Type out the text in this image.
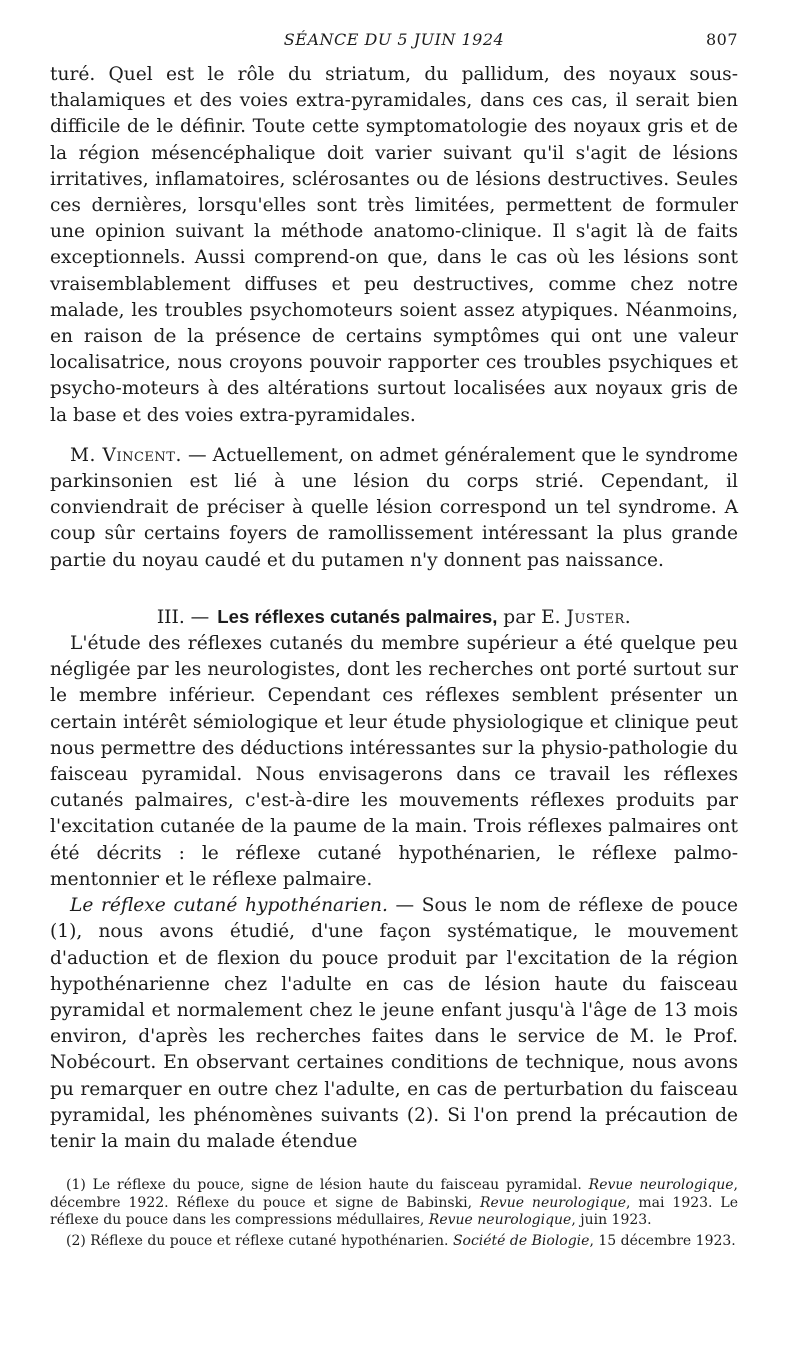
SÉANCE DU 5 JUIN 1924	807

turé. Quel est le rôle du striatum, du pallidum, des noyaux sous-thalamiques et des voies extra-pyramidales, dans ces cas, il serait bien difficile de le définir. Toute cette symptomatologie des noyaux gris et de la région mésencéphalique doit varier suivant qu'il s'agit de lésions irritatives, inflamatoires, sclérosantes ou de lésions destructives. Seules ces dernières, lorsqu'elles sont très limitées, permettent de formuler une opinion suivant la méthode anatomo-clinique. Il s'agit là de faits exceptionnels. Aussi comprend-on que, dans le cas où les lésions sont vraisemblablement diffuses et peu destructives, comme chez notre malade, les troubles psychomoteurs soient assez atypiques. Néanmoins, en raison de la présence de certains symptômes qui ont une valeur localisatrice, nous croyons pouvoir rapporter ces troubles psychiques et psycho-moteurs à des altérations surtout localisées aux noyaux gris de la base et des voies extra-pyramidales.

M. Vincent. — Actuellement, on admet généralement que le syndrome parkinsonien est lié à une lésion du corps strié. Cependant, il conviendrait de préciser à quelle lésion correspond un tel syndrome. A coup sûr certains foyers de ramollissement intéressant la plus grande partie du noyau caudé et du putamen n'y donnent pas naissance.

III. — Les réflexes cutanés palmaires, par E. Juster.

L'étude des réflexes cutanés du membre supérieur a été quelque peu négligée par les neurologistes, dont les recherches ont porté surtout sur le membre inférieur. Cependant ces réflexes semblent présenter un certain intérêt sémiologique et leur étude physiologique et clinique peut nous permettre des déductions intéressantes sur la physio-pathologie du faisceau pyramidal. Nous envisagerons dans ce travail les réflexes cutanés palmaires, c'est-à-dire les mouvements réflexes produits par l'excitation cutanée de la paume de la main. Trois réflexes palmaires ont été décrits : le réflexe cutané hypothénarien, le réflexe palmo-mentonnier et le réflexe palmaire.

Le réflexe cutané hypothénarien. — Sous le nom de réflexe de pouce (1), nous avons étudié, d'une façon systématique, le mouvement d'aduction et de flexion du pouce produit par l'excitation de la région hypothénarienne chez l'adulte en cas de lésion haute du faisceau pyramidal et normalement chez le jeune enfant jusqu'à l'âge de 13 mois environ, d'après les recherches faites dans le service de M. le Prof. Nobécourt. En observant certaines conditions de technique, nous avons pu remarquer en outre chez l'adulte, en cas de perturbation du faisceau pyramidal, les phénomènes suivants (2). Si l'on prend la précaution de tenir la main du malade étendue

(1) Le réflexe du pouce, signe de lésion haute du faisceau pyramidal. Revue neurologique, décembre 1922. Réflexe du pouce et signe de Babinski, Revue neurologique, mai 1923. Le réflexe du pouce dans les compressions médullaires, Revue neurologique, juin 1923.

(2) Réflexe du pouce et réflexe cutané hypothénarien. Société de Biologie, 15 décembre 1923.
